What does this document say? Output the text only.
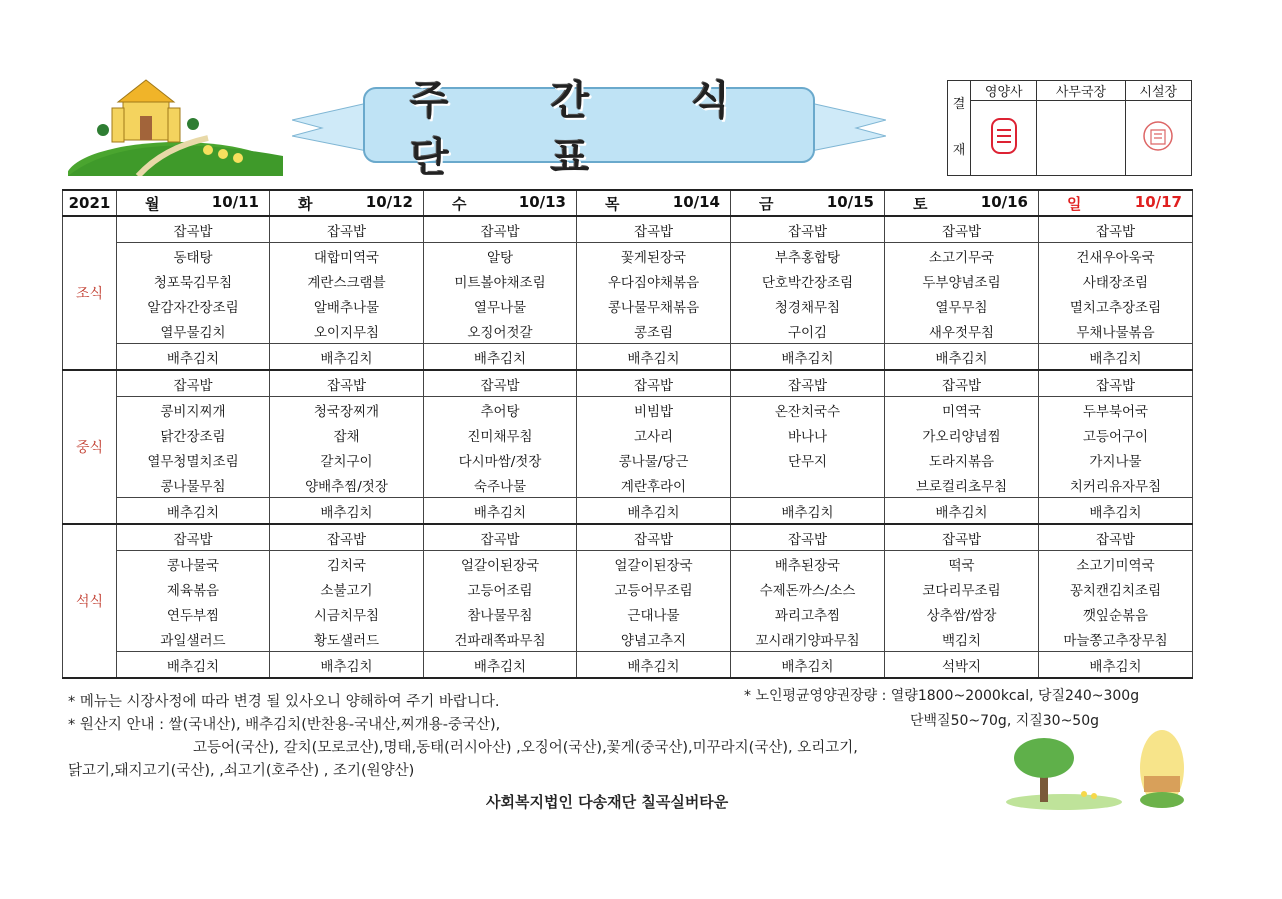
주 간 식 단 표
결
재	영양사	사무국장	시설장

2021	월 10/11	화 10/12	수 10/13	목 10/14	금 10/15	토 10/16	일 10/17

조식	잡곡밥	잡곡밥	잡곡밥	잡곡밥	잡곡밥	잡곡밥	잡곡밥
	동태탕	대합미역국	알탕	꽃게된장국	부추홍합탕	소고기무국	건새우아욱국
	청포묵김무침	계란스크램블	미트볼야채조림	우다짐야채볶음	단호박간장조림	두부양념조림	사태장조림
	알감자간장조림	알배추나물	열무나물	콩나물무채볶음	청경채무침	열무무침	멸치고추장조림
	열무물김치	오이지무침	오징어젓갈	콩조림	구이김	새우젓무침	무채나물볶음
	배추김치	배추김치	배추김치	배추김치	배추김치	배추김치	배추김치
중식	잡곡밥	잡곡밥	잡곡밥	잡곡밥	잡곡밥	잡곡밥	잡곡밥
	콩비지찌개	청국장찌개	추어탕	비빔밥	온잔치국수	미역국	두부북어국
	닭간장조림	잡채	진미채무침	고사리	바나나	가오리양념찜	고등어구이
	열무청멸치조림	갈치구이	다시마쌈/젓장	콩나물/당근	단무지	도라지볶음	가지나물
	콩나물무침	양배추찜/젓장	숙주나물	계란후라이		브로컬리초무침	치커리유자무침
	배추김치	배추김치	배추김치	배추김치	배추김치	배추김치	배추김치
석식	잡곡밥	잡곡밥	잡곡밥	잡곡밥	잡곡밥	잡곡밥	잡곡밥
	콩나물국	김치국	얼갈이된장국	얼갈이된장국	배추된장국	떡국	소고기미역국
	제육볶음	소불고기	고등어조림	고등어무조림	수제돈까스/소스	코다리무조림	꽁치캔김치조림
	연두부찜	시금치무침	참나물무침	근대나물	꽈리고추찜	상추쌈/쌈장	깻잎순볶음
	과일샐러드	황도샐러드	건파래쪽파무침	양념고추지	꼬시래기양파무침	백김치	마늘쫑고추장무침
	배추김치	배추김치	배추김치	배추김치	배추김치	석박지	배추김치
* 메뉴는 시장사정에 따라 변경 될 있사오니 양해하여 주기 바랍니다.
* 원산지 안내 : 쌀(국내산), 배추김치(반찬용-국내산,찌개용-중국산),
고등어(국산), 갈치(모로코산),명태,동태(러시아산) ,오징어(국산),꽃게(중국산),미꾸라지(국산), 오리고기,
닭고기,돼지고기(국산), ,쇠고기(호주산) , 조기(원양산)
* 노인평균영양권장량 : 열량1800~2000kcal, 당질240~300g
단백질50~70g, 지질30~50g
사회복지법인 다송재단 칠곡실버타운
